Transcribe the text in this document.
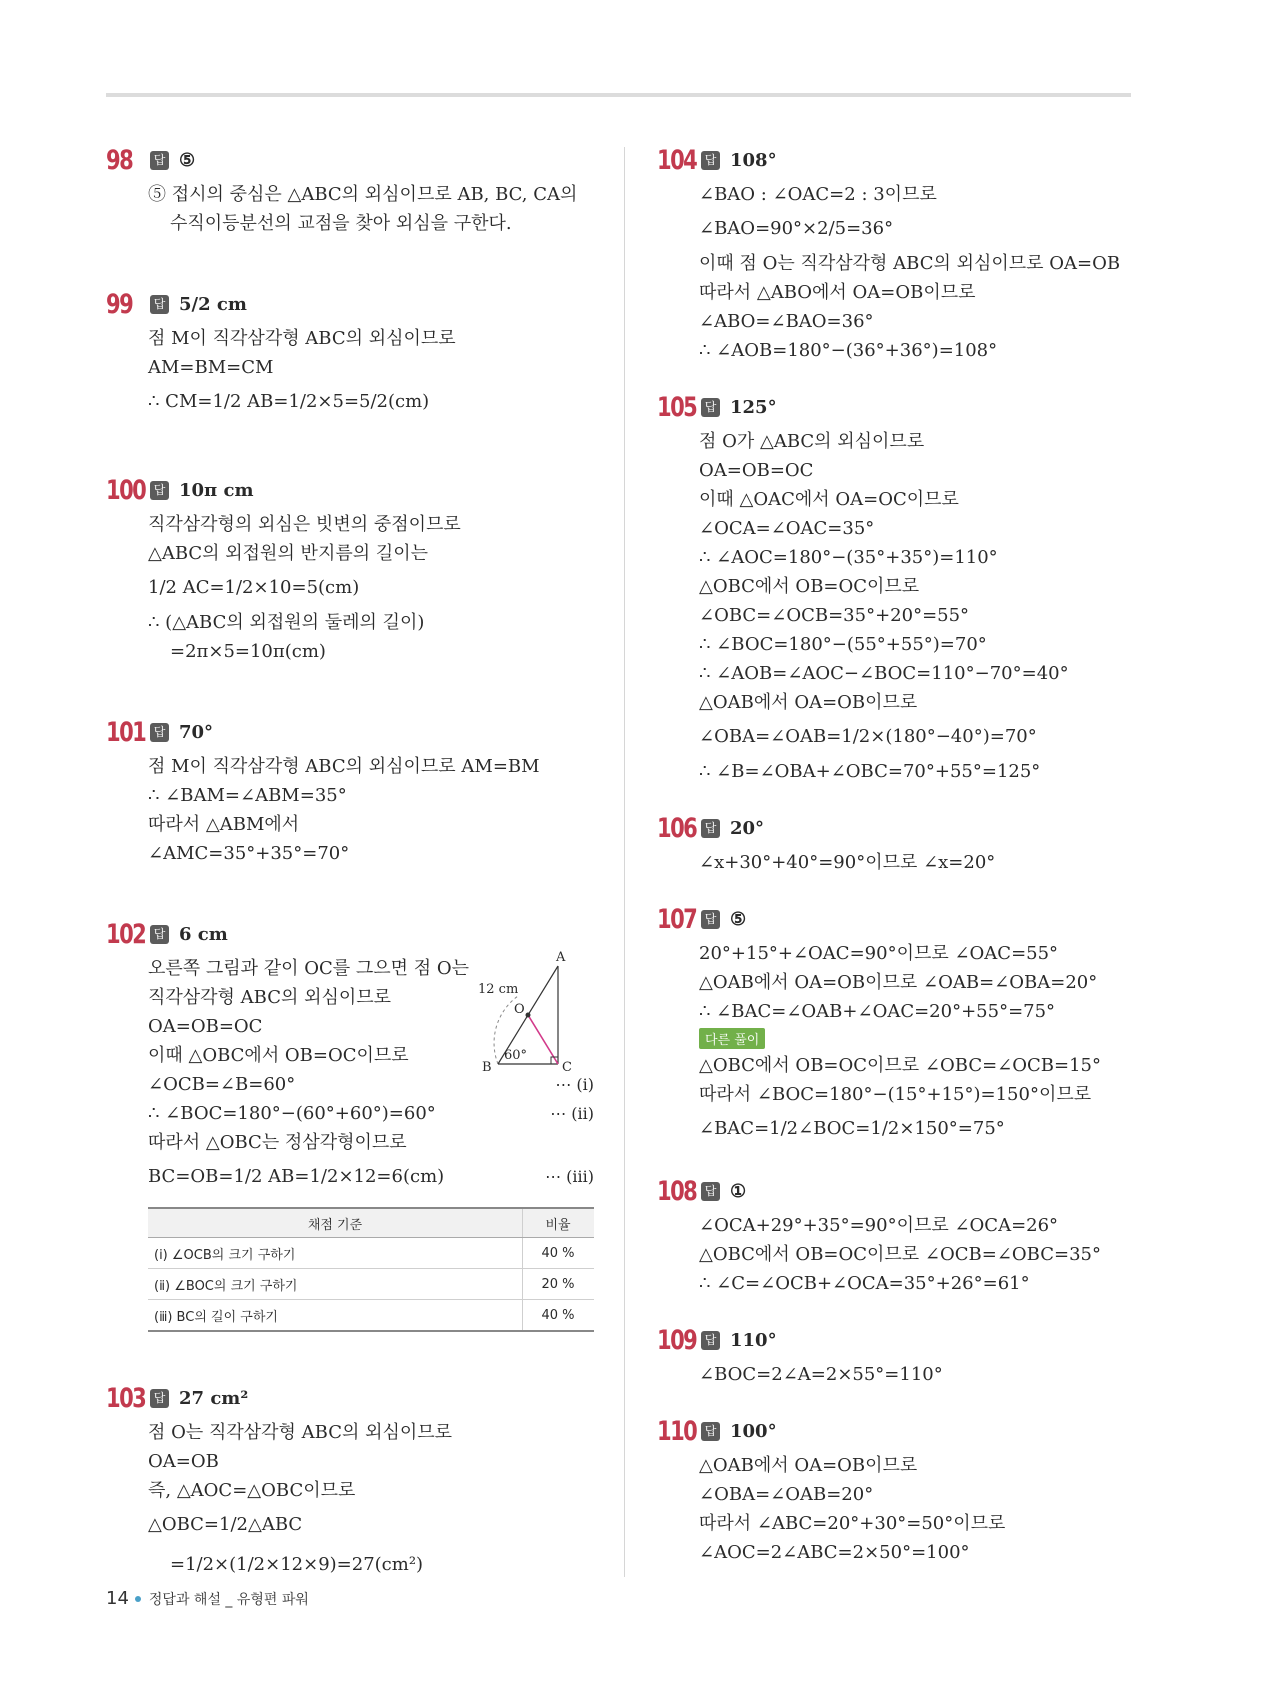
98	답 ⑤
⑤ 접시의 중심은 △ABC의 외심이므로 AB, BC, CA의
수직이등분선의 교점을 찾아 외심을 구한다.
99	답 5/2 cm
점 M이 직각삼각형 ABC의 외심이므로
AM=BM=CM
∴ CM=1/2 AB=1/2×5=5/2(cm)
100 답 10π cm
직각삼각형의 외심은 빗변의 중점이므로
△ABC의 외접원의 반지름의 길이는
1/2 AC=1/2×10=5(cm)
∴ (△ABC의 외접원의 둘레의 길이)
=2π×5=10π(cm)
101 답 70°
점 M이 직각삼각형 ABC의 외심이므로 AM=BM
∴ ∠BAM=∠ABM=35°
따라서 △ABM에서
∠AMC=35°+35°=70°
102 답 6 cm
오른쪽 그림과 같이 OC를 그으면 점 O는
직각삼각형 ABC의 외심이므로
OA=OB=OC
이때 △OBC에서 OB=OC이므로
∠OCB=∠B=60°	⋯ (ⅰ)
∴ ∠BOC=180°−(60°+60°)=60°	⋯ (ⅱ)
따라서 △OBC는 정삼각형이므로
BC=OB=1/2 AB=1/2×12=6(cm)	⋯ (ⅲ)
A
B	C
O
12 cm
60°
채점 기준	비율
(ⅰ) ∠OCB의 크기 구하기	40 %
(ⅱ) ∠BOC의 크기 구하기	20 %
(ⅲ) BC의 길이 구하기	40 %
103 답 27 cm²
점 O는 직각삼각형 ABC의 외심이므로
OA=OB
즉, △AOC=△OBC이므로
△OBC=1/2△ABC
=1/2×(1/2×12×9)=27(cm²)
104 답 108°
∠BAO : ∠OAC=2 : 3이므로
∠BAO=90°×2/5=36°
이때 점 O는 직각삼각형 ABC의 외심이므로 OA=OB
따라서 △ABO에서 OA=OB이므로
∠ABO=∠BAO=36°
∴ ∠AOB=180°−(36°+36°)=108°
105 답 125°
점 O가 △ABC의 외심이므로
OA=OB=OC
이때 △OAC에서 OA=OC이므로
∠OCA=∠OAC=35°
∴ ∠AOC=180°−(35°+35°)=110°
△OBC에서 OB=OC이므로
∠OBC=∠OCB=35°+20°=55°
∴ ∠BOC=180°−(55°+55°)=70°
∴ ∠AOB=∠AOC−∠BOC=110°−70°=40°
△OAB에서 OA=OB이므로
∠OBA=∠OAB=1/2×(180°−40°)=70°
∴ ∠B=∠OBA+∠OBC=70°+55°=125°
106 답 20°
∠x+30°+40°=90°이므로 ∠x=20°
107 답 ⑤
20°+15°+∠OAC=90°이므로 ∠OAC=55°
△OAB에서 OA=OB이므로 ∠OAB=∠OBA=20°
∴ ∠BAC=∠OAB+∠OAC=20°+55°=75°
다른 풀이
△OBC에서 OB=OC이므로 ∠OBC=∠OCB=15°
따라서 ∠BOC=180°−(15°+15°)=150°이므로
∠BAC=1/2∠BOC=1/2×150°=75°
108 답 ①
∠OCA+29°+35°=90°이므로 ∠OCA=26°
△OBC에서 OB=OC이므로 ∠OCB=∠OBC=35°
∴ ∠C=∠OCB+∠OCA=35°+26°=61°
109 답 110°
∠BOC=2∠A=2×55°=110°
110 답 100°
△OAB에서 OA=OB이므로
∠OBA=∠OAB=20°
따라서 ∠ABC=20°+30°=50°이므로
∠AOC=2∠ABC=2×50°=100°
14 정답과 해설 _ 유형편 파워
